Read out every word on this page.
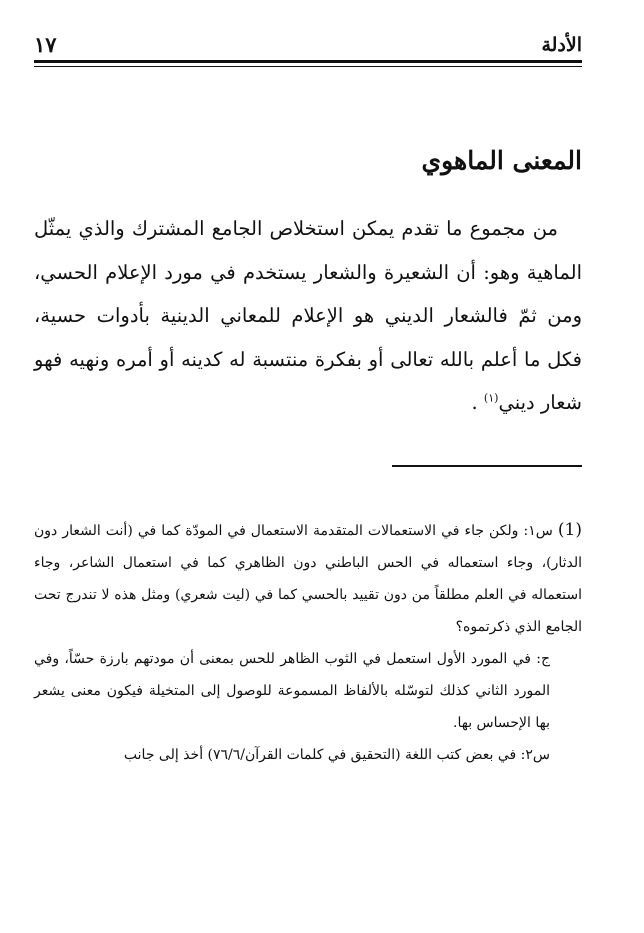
الأدلة
١٧
المعنى الماهوي

من مجموع ما تقدم يمكن استخلاص الجامع المشترك والذي يمثّل الماهية وهو: أن الشعيرة والشعار يستخدم في مورد الإعلام الحسي، ومن ثمّ فالشعار الديني هو الإعلام للمعاني الدينية بأدوات حسية، فكل ما أعلم بالله تعالى أو بفكرة منتسبة له كدينه أو أمره ونهيه فهو شعار ديني$^{(١)}$ .

(1) س١: ولكن جاء في الاستعمالات المتقدمة الاستعمال في المودّة كما في (أنت الشعار دون الدثار)، وجاء استعماله في الحس الباطني دون الظاهري كما في استعمال الشاعر، وجاء استعماله في العلم مطلقاً من دون تقييد بالحسي كما في (ليت شعري) ومثل هذه لا تندرج تحت الجامع الذي ذكرتموه؟

ج: في المورد الأول استعمل في الثوب الظاهر للحس بمعنى أن مودتهم بارزة حسّاً، وفي المورد الثاني كذلك لتوسّله بالألفاظ المسموعة للوصول إلى المتخيلة فيكون معنى يشعر بها الإحساس بها.

س٢: في بعض كتب اللغة (التحقيق في كلمات القرآن/٧٦/٦) أخذ إلى جانب
